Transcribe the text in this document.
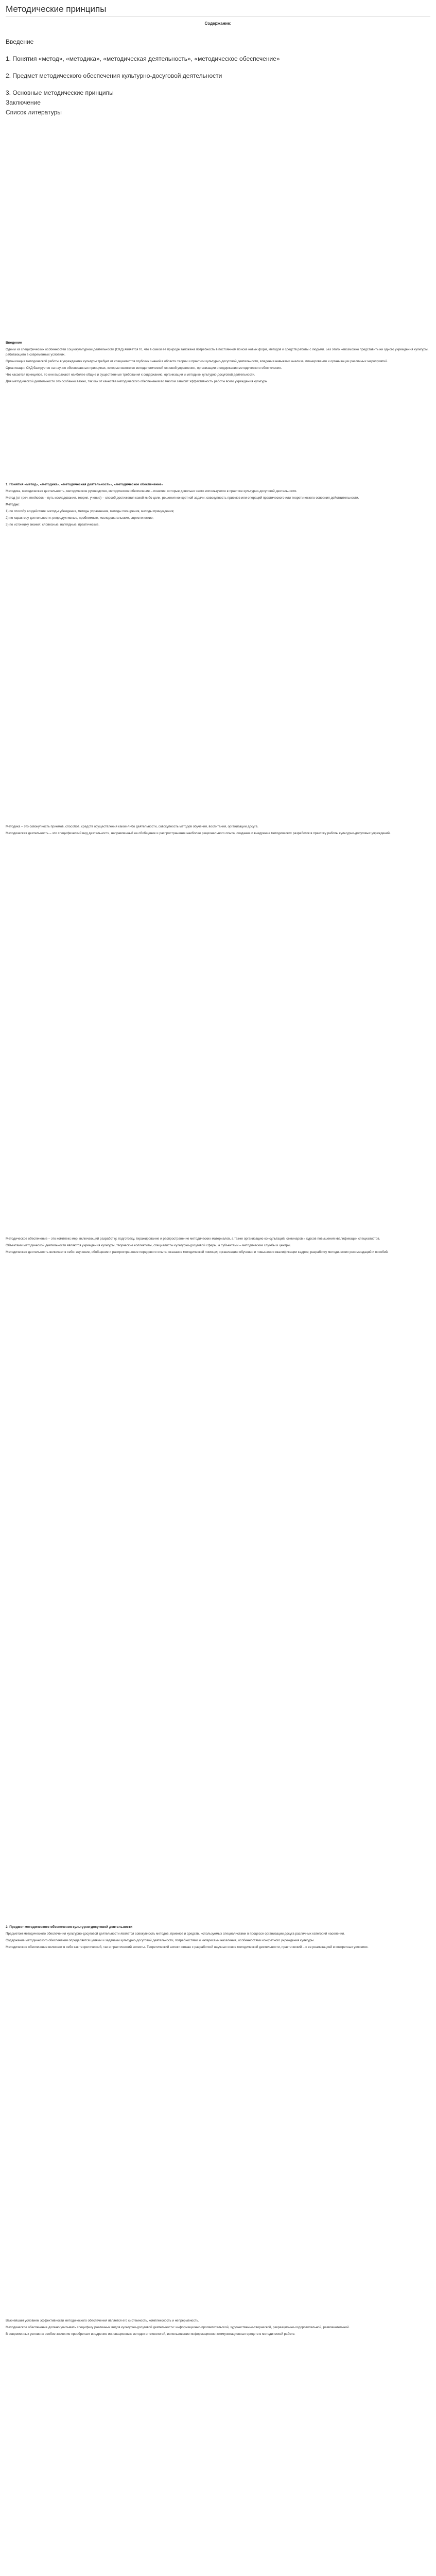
Методические принципы
Содержание:

Введение

1. Понятия «метод», «методика», «методическая деятельность», «методическое обеспечение»

2. Предмет методического обеспечения культурно-досуговой деятельности

3. Основные методические принципы

Заключение

Список литературы

Введение

Одним из специфических особенностей социокультурной деятельности (СКД) является то, что в самой ее природе заложена потребность в постоянном поиске новых форм, методов и средств работы с людьми. Без этого невозможно представить ни одного учреждения культуры, работающего в современных условиях.

Организация методической работы в учреждениях культуры требует от специалистов глубоких знаний в области теории и практики культурно-досуговой деятельности, владения навыками анализа, планирования и организации различных мероприятий.

Организация СКД базируется на научно обоснованных принципах, которые являются методологической основой управления, организации и содержания методического обеспечения.

Что касается принципов, то они выражают наиболее общие и существенные требования к содержанию, организации и методике культурно-досуговой деятельности.

Для методической деятельности это особенно важно, так как от качества методического обеспечения во многом зависит эффективность работы всего учреждения культуры.

1. Понятия «метод», «методика», «методическая деятельность», «методическое обеспечение»

Методика, методическая деятельность, методическое руководство, методическое обеспечение – понятия, которые довольно часто используются в практике культурно-досуговой деятельности.

Метод (от греч. methodos – путь исследования, теория, учение) – способ достижения какой-либо цели, решения конкретной задачи; совокупность приемов или операций практического или теоретического освоения действительности.

Методы:

1) по способу воздействия: методы убеждения, методы упражнения, методы поощрения, методы принуждения;

2) по характеру деятельности: репродуктивные, проблемные, исследовательские, эвристические;

3) по источнику знаний: словесные, наглядные, практические.

Методика – это совокупность приемов, способов, средств осуществления какой-либо деятельности, совокупность методов обучения, воспитания, организации досуга.

Методическая деятельность – это специфический вид деятельности, направленный на обобщение и распространение наиболее рационального опыта, создание и внедрение методических разработок в практику работы культурно-досуговых учреждений.

Методическое обеспечение – это комплекс мер, включающий разработку, подготовку, тиражирование и распространение методических материалов, а также организацию консультаций, семинаров и курсов повышения квалификации специалистов.

Объектами методической деятельности являются учреждения культуры, творческие коллективы, специалисты культурно-досуговой сферы, а субъектами – методические службы и центры.

Методическая деятельность включает в себя: изучение, обобщение и распространение передового опыта; оказание методической помощи; организацию обучения и повышения квалификации кадров; разработку методических рекомендаций и пособий.

2. Предмет методического обеспечения культурно-досуговой деятельности

Предметом методического обеспечения культурно-досуговой деятельности является совокупность методов, приемов и средств, используемых специалистами в процессе организации досуга различных категорий населения.

Содержание методического обеспечения определяется целями и задачами культурно-досуговой деятельности, потребностями и интересами населения, особенностями конкретного учреждения культуры.

Методическое обеспечение включает в себя как теоретический, так и практический аспекты. Теоретический аспект связан с разработкой научных основ методической деятельности, практический – с ее реализацией в конкретных условиях.

Важнейшим условием эффективности методического обеспечения является его системность, комплексность и непрерывность.

Методическое обеспечение должно учитывать специфику различных видов культурно-досуговой деятельности: информационно-просветительской, художественно-творческой, рекреационно-оздоровительной, развлекательной.

В современных условиях особое значение приобретает внедрение инновационных методик и технологий, использование информационно-коммуникационных средств в методической работе.
